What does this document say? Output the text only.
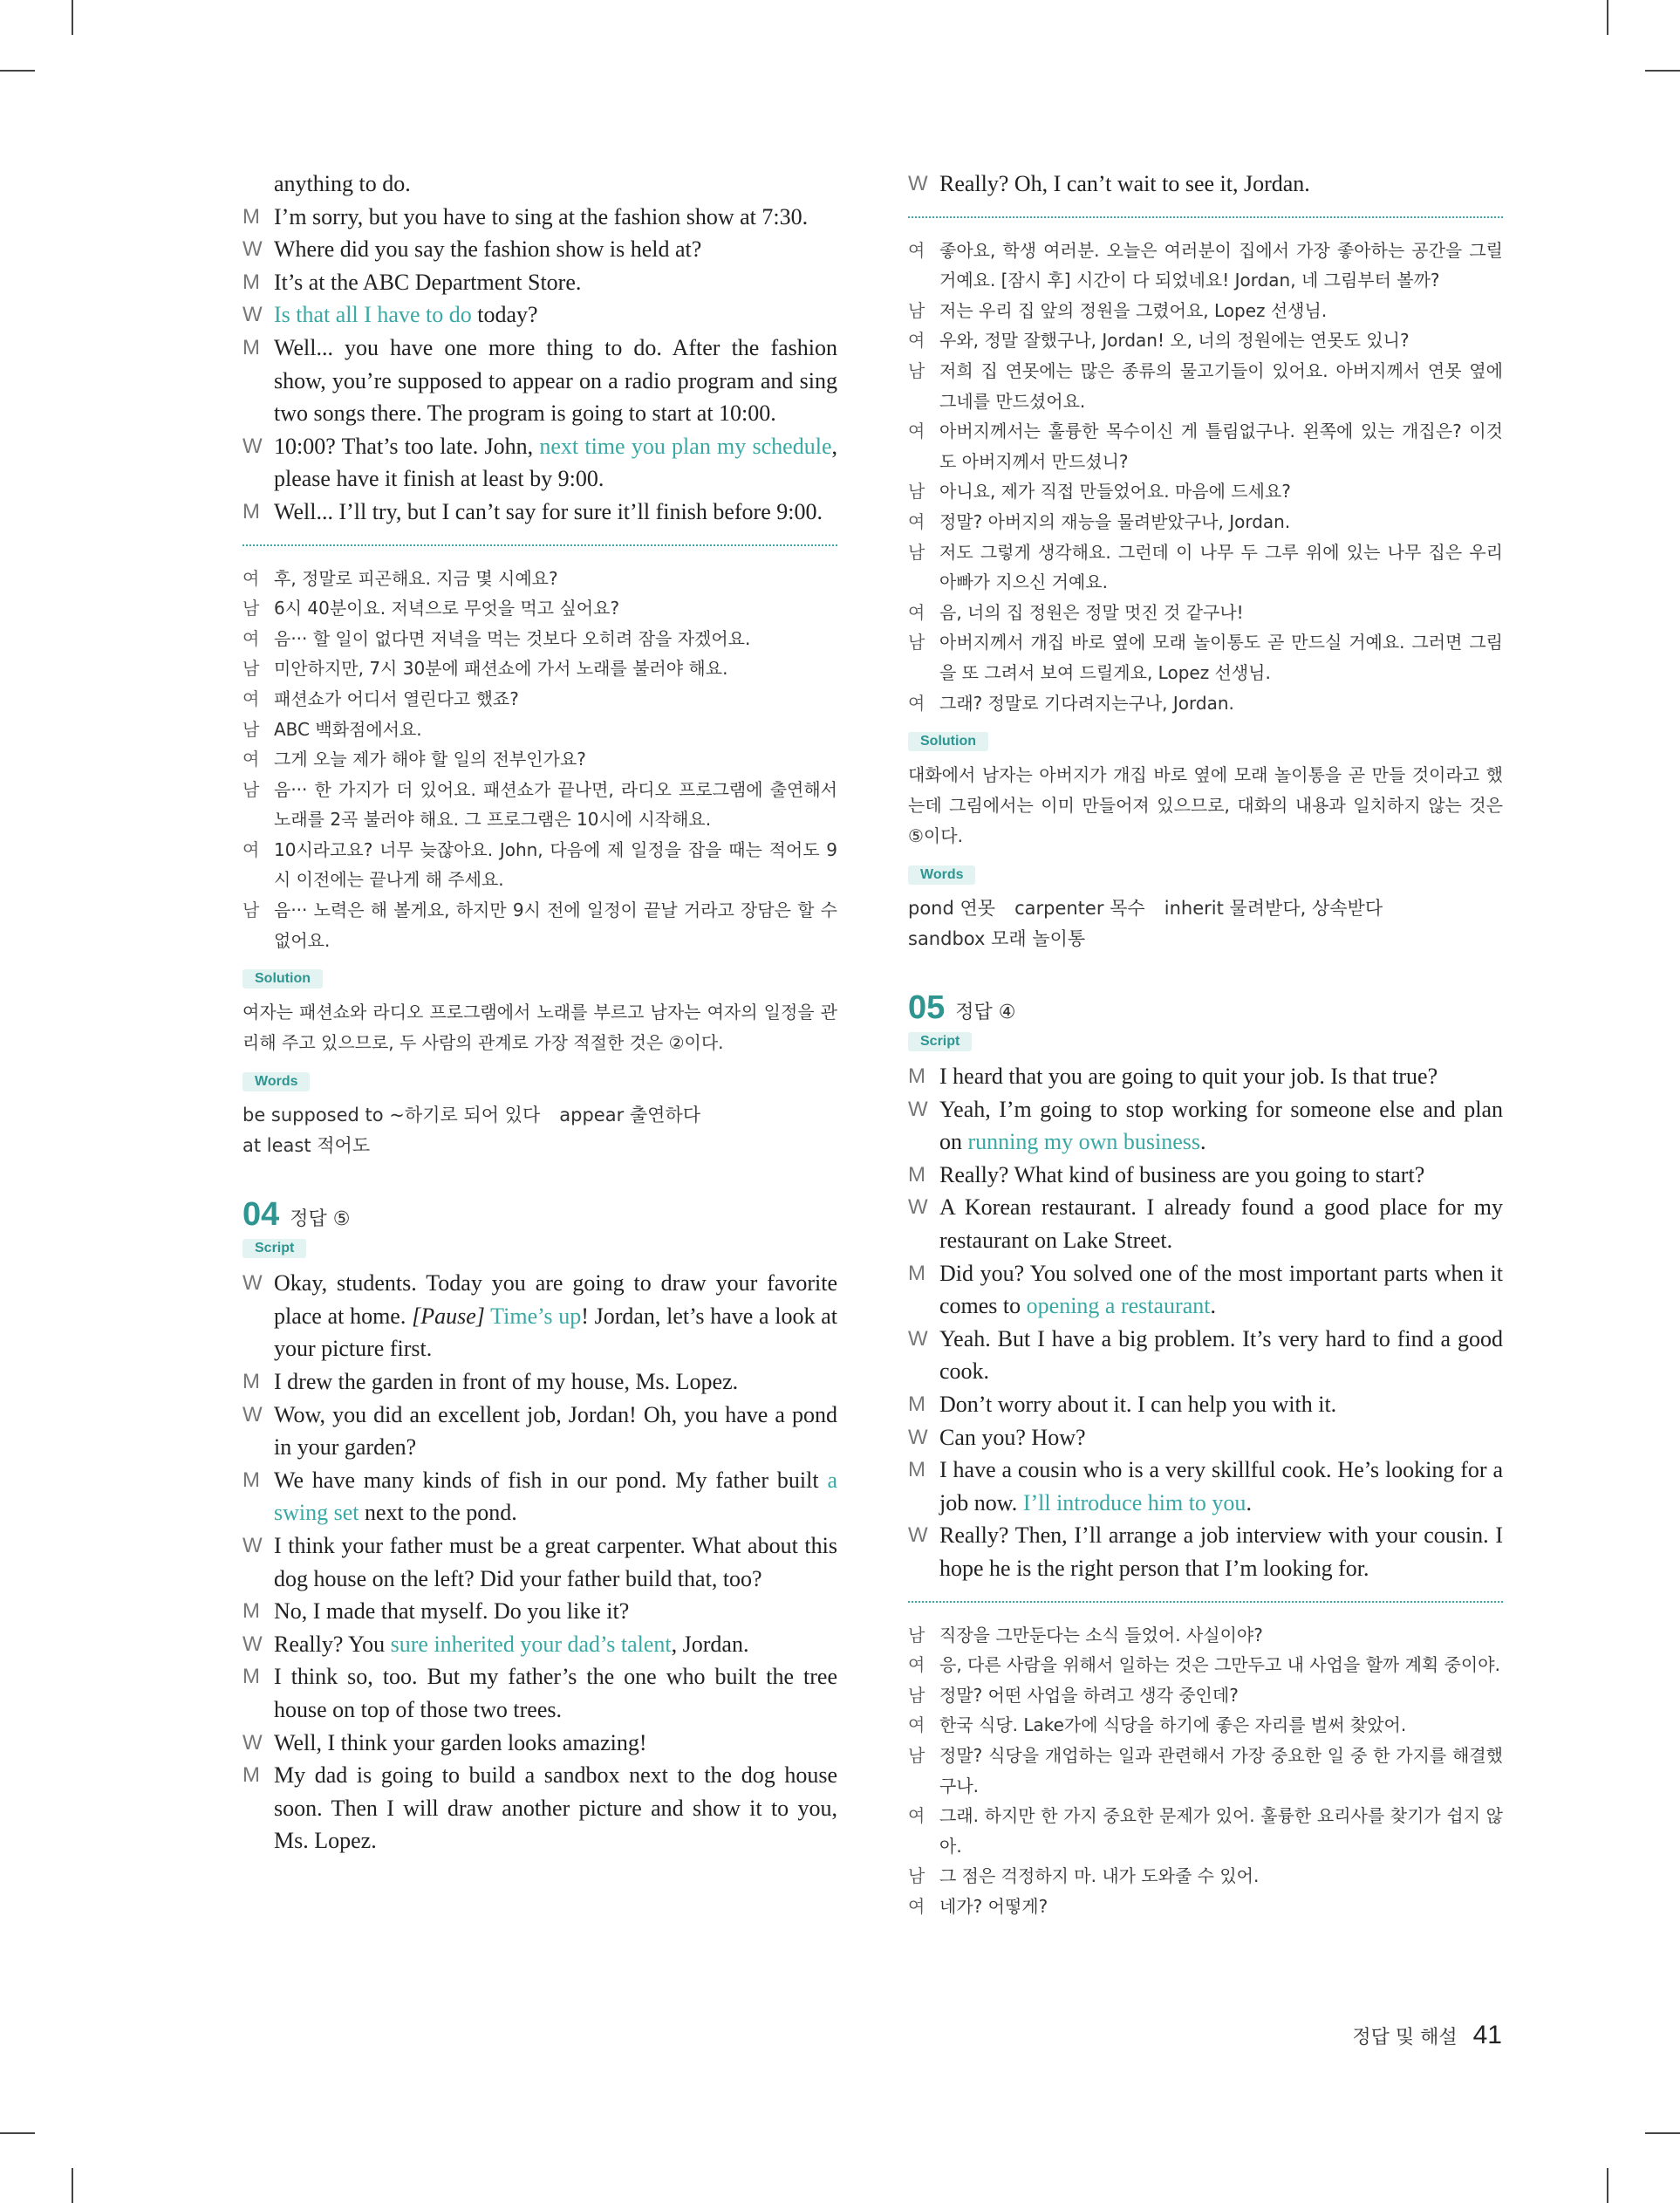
anything to do.
M I’m sorry, but you have to sing at the fashion show at 7:30.
W Where did you say the fashion show is held at?
M It’s at the ABC Department Store.
W Is that all I have to do today?
M Well... you have one more thing to do. After the fashion show, you’re supposed to appear on a radio program and sing two songs there. The program is going to start at 10:00.
W 10:00? That’s too late. John, next time you plan my schedule, please have it finish at least by 9:00.
M Well... I’ll try, but I can’t say for sure it’ll finish before 9:00.
여 후, 정말로 피곤해요. 지금 몇 시예요?
남 6시 40분이요. 저녁으로 무엇을 먹고 싶어요?
여 음··· 할 일이 없다면 저녁을 먹는 것보다 오히려 잠을 자겠어요.
남 미안하지만, 7시 30분에 패션쇼에 가서 노래를 불러야 해요.
여 패션쇼가 어디서 열린다고 했죠?
남 ABC 백화점에서요.
여 그게 오늘 제가 해야 할 일의 전부인가요?
남 음··· 한 가지가 더 있어요. 패션쇼가 끝나면, 라디오 프로그램에 출연해서 노래를 2곡 불러야 해요. 그 프로그램은 10시에 시작해요.
여 10시라고요? 너무 늦잖아요. John, 다음에 제 일정을 잡을 때는 적어도 9시 이전에는 끝나게 해 주세요.
남 음··· 노력은 해 볼게요, 하지만 9시 전에 일정이 끝날 거라고 장담은 할 수 없어요.
Solution
여자는 패션쇼와 라디오 프로그램에서 노래를 부르고 남자는 여자의 일정을 관리해 주고 있으므로, 두 사람의 관계로 가장 적절한 것은 ②이다.
Words
be supposed to ~하기로 되어 있다 appear 출연하다
at least 적어도
04 정답 ⑤
Script
W Okay, students. Today you are going to draw your favorite place at home. [Pause] Time’s up! Jordan, let’s have a look at your picture first.
M I drew the garden in front of my house, Ms. Lopez.
W Wow, you did an excellent job, Jordan! Oh, you have a pond in your garden?
M We have many kinds of fish in our pond. My father built a swing set next to the pond.
W I think your father must be a great carpenter. What about this dog house on the left? Did your father build that, too?
M No, I made that myself. Do you like it?
W Really? You sure inherited your dad’s talent, Jordan.
M I think so, too. But my father’s the one who built the tree house on top of those two trees.
W Well, I think your garden looks amazing!
M My dad is going to build a sandbox next to the dog house soon. Then I will draw another picture and show it to you, Ms. Lopez.
W Really? Oh, I can’t wait to see it, Jordan.
여 좋아요, 학생 여러분. 오늘은 여러분이 집에서 가장 좋아하는 공간을 그릴 거예요. [잠시 후] 시간이 다 되었네요! Jordan, 네 그림부터 볼까?
남 저는 우리 집 앞의 정원을 그렸어요, Lopez 선생님.
여 우와, 정말 잘했구나, Jordan! 오, 너의 정원에는 연못도 있니?
남 저희 집 연못에는 많은 종류의 물고기들이 있어요. 아버지께서 연못 옆에 그네를 만드셨어요.
여 아버지께서는 훌륭한 목수이신 게 틀림없구나. 왼쪽에 있는 개집은? 이것도 아버지께서 만드셨니?
남 아니요, 제가 직접 만들었어요. 마음에 드세요?
여 정말? 아버지의 재능을 물려받았구나, Jordan.
남 저도 그렇게 생각해요. 그런데 이 나무 두 그루 위에 있는 나무 집은 우리 아빠가 지으신 거예요.
여 음, 너의 집 정원은 정말 멋진 것 같구나!
남 아버지께서 개집 바로 옆에 모래 놀이통도 곧 만드실 거예요. 그러면 그림을 또 그려서 보여 드릴게요, Lopez 선생님.
여 그래? 정말로 기다려지는구나, Jordan.
Solution
대화에서 남자는 아버지가 개집 바로 옆에 모래 놀이통을 곧 만들 것이라고 했는데 그림에서는 이미 만들어져 있으므로, 대화의 내용과 일치하지 않는 것은 ⑤이다.
Words
pond 연못 carpenter 목수 inherit 물려받다, 상속받다
sandbox 모래 놀이통
05 정답 ④
Script
M I heard that you are going to quit your job. Is that true?
W Yeah, I’m going to stop working for someone else and plan on running my own business.
M Really? What kind of business are you going to start?
W A Korean restaurant. I already found a good place for my restaurant on Lake Street.
M Did you? You solved one of the most important parts when it comes to opening a restaurant.
W Yeah. But I have a big problem. It’s very hard to find a good cook.
M Don’t worry about it. I can help you with it.
W Can you? How?
M I have a cousin who is a very skillful cook. He’s looking for a job now. I’ll introduce him to you.
W Really? Then, I’ll arrange a job interview with your cousin. I hope he is the right person that I’m looking for.
남 직장을 그만둔다는 소식 들었어. 사실이야?
여 응, 다른 사람을 위해서 일하는 것은 그만두고 내 사업을 할까 계획 중이야.
남 정말? 어떤 사업을 하려고 생각 중인데?
여 한국 식당. Lake가에 식당을 하기에 좋은 자리를 벌써 찾았어.
남 정말? 식당을 개업하는 일과 관련해서 가장 중요한 일 중 한 가지를 해결했구나.
여 그래. 하지만 한 가지 중요한 문제가 있어. 훌륭한 요리사를 찾기가 쉽지 않아.
남 그 점은 걱정하지 마. 내가 도와줄 수 있어.
여 네가? 어떻게?
정답 및 해설 41
